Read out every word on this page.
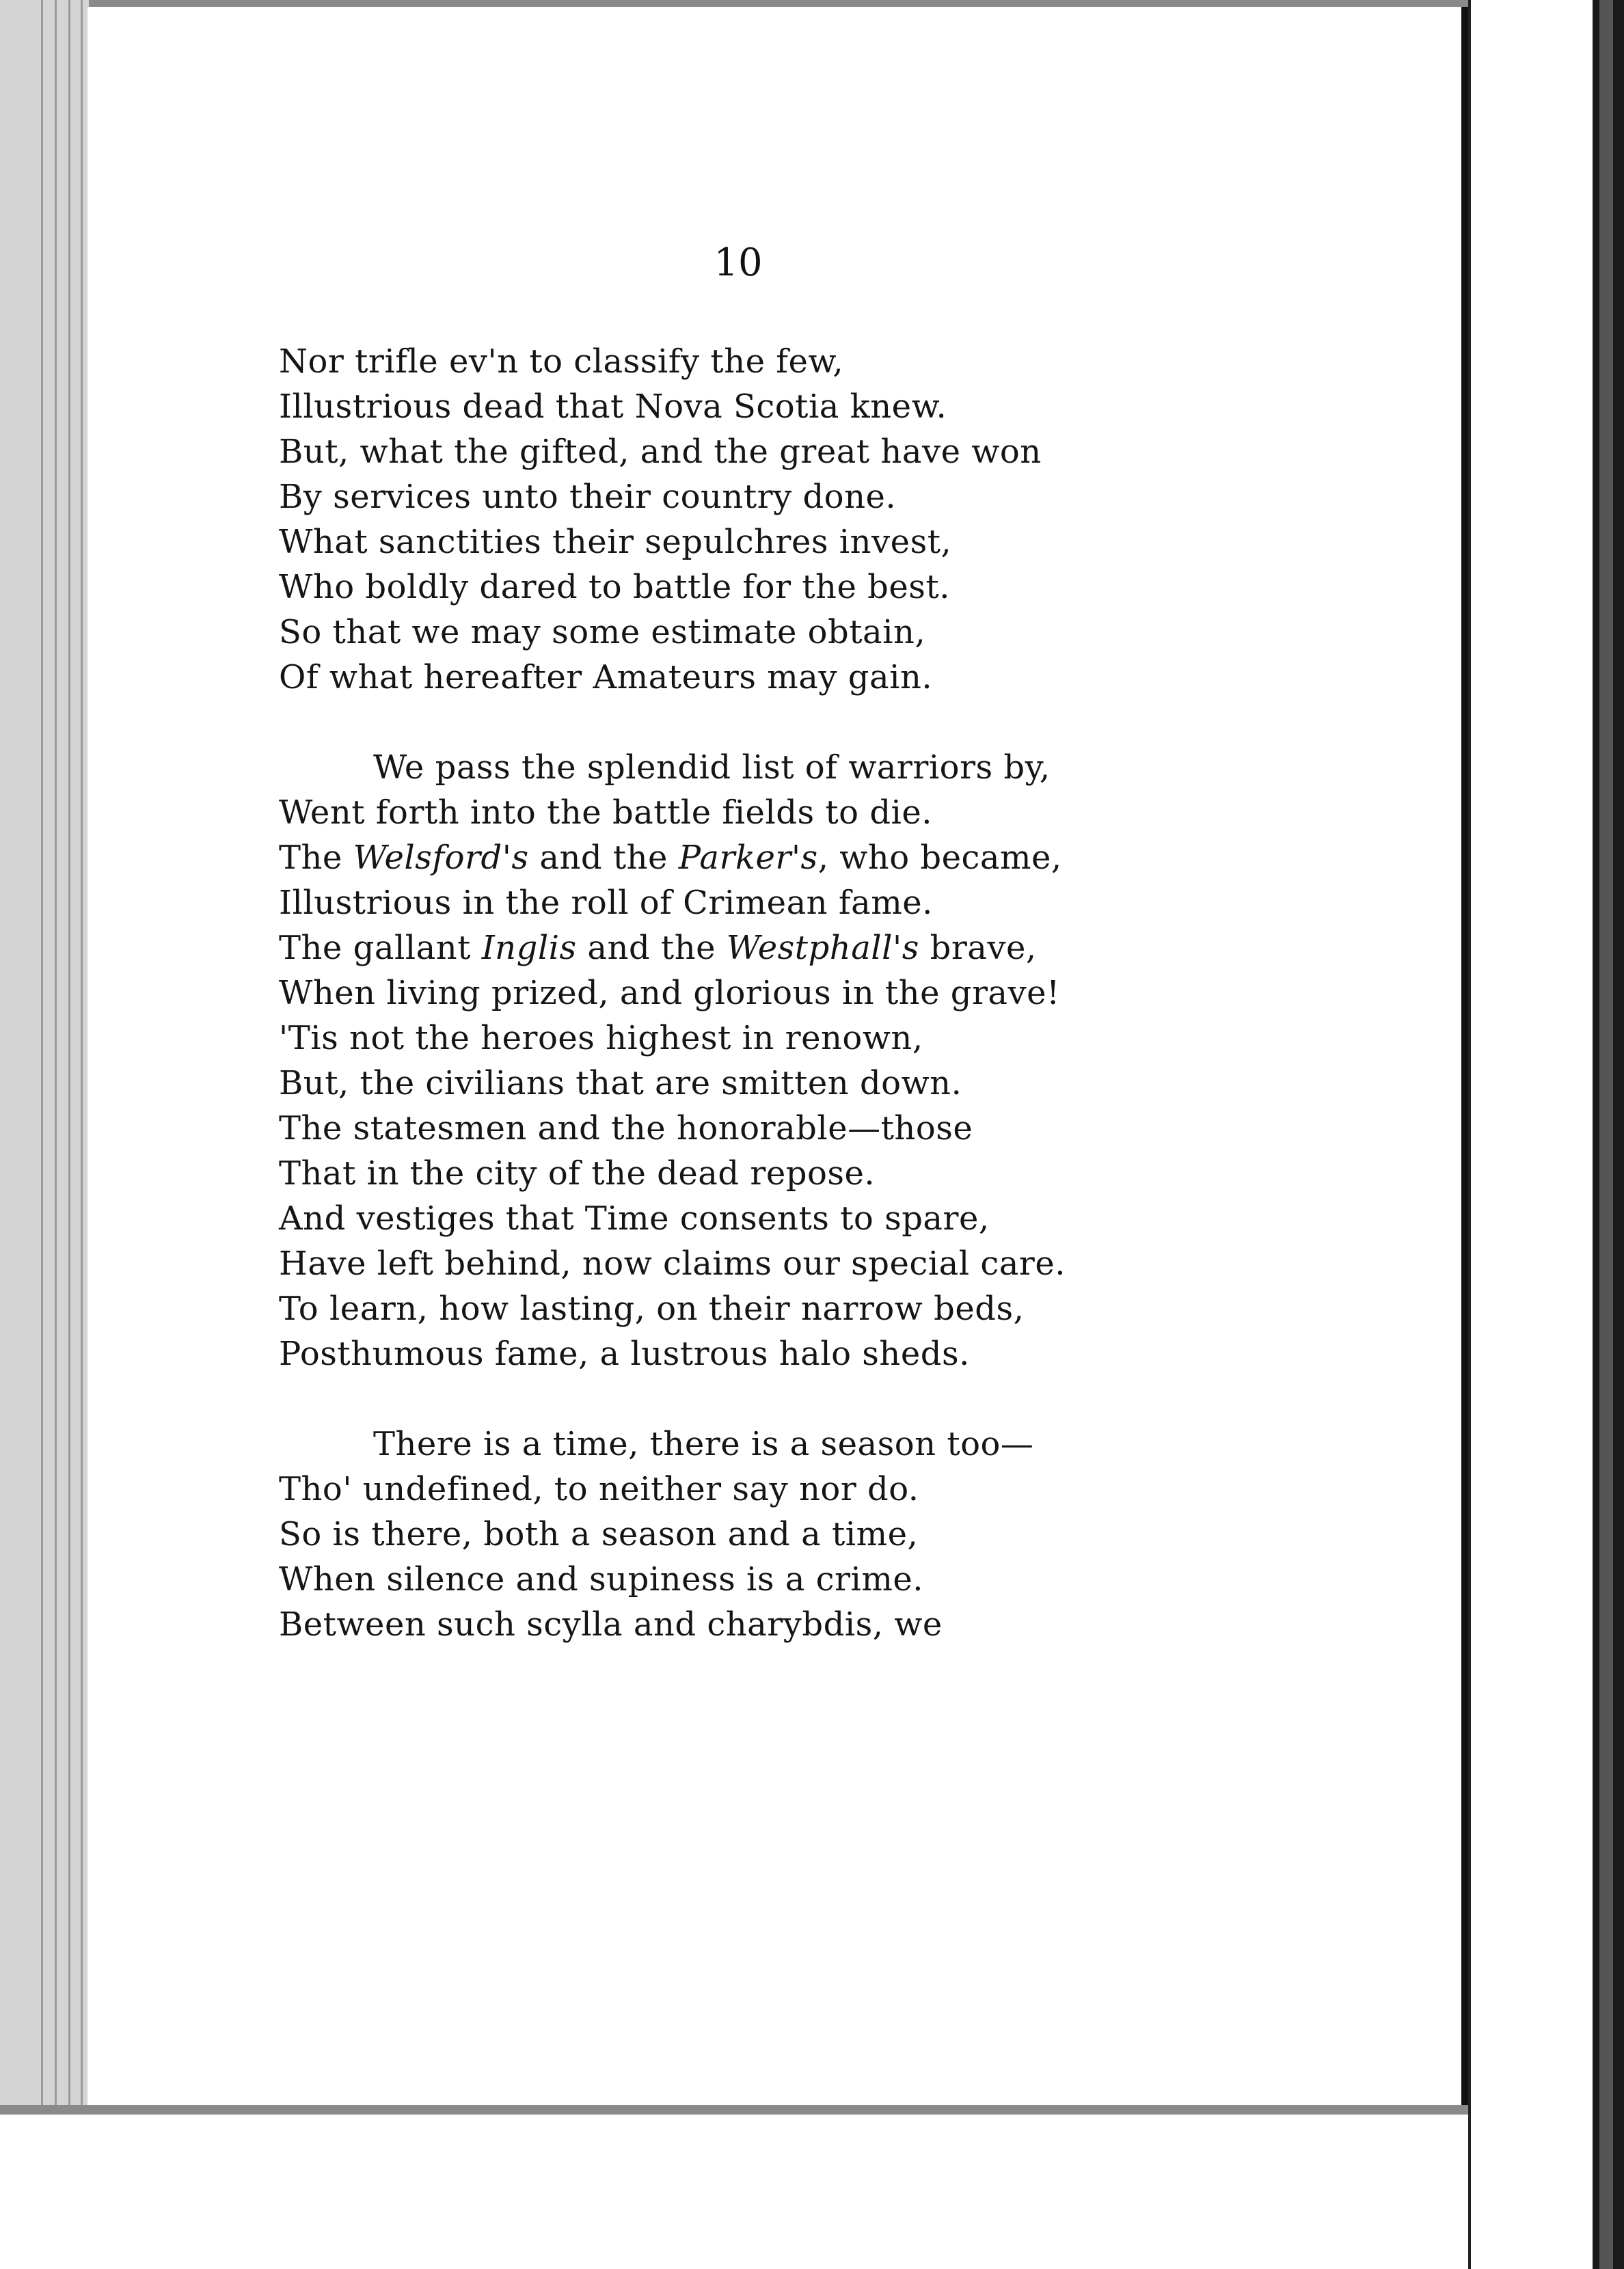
10
Nor trifle ev'n to classify the few,
Illustrious dead that Nova Scotia knew.
But, what the gifted, and the great have won
By services unto their country done.
What sanctities their sepulchres invest,
Who boldly dared to battle for the best.
So that we may some estimate obtain,
Of what hereafter Amateurs may gain.
We pass the splendid list of warriors by,
Went forth into the battle fields to die.
The Welsford's and the Parker's, who became,
Illustrious in the roll of Crimean fame.
The gallant Inglis and the Westphall's brave,
When living prized, and glorious in the grave!
'Tis not the heroes highest in renown,
But, the civilians that are smitten down.
The statesmen and the honorable—those
That in the city of the dead repose.
And vestiges that Time consents to spare,
Have left behind, now claims our special care.
To learn, how lasting, on their narrow beds,
Posthumous fame, a lustrous halo sheds.
There is a time, there is a season too—
Tho' undefined, to neither say nor do.
So is there, both a season and a time,
When silence and supiness is a crime.
Between such scylla and charybdis, we
